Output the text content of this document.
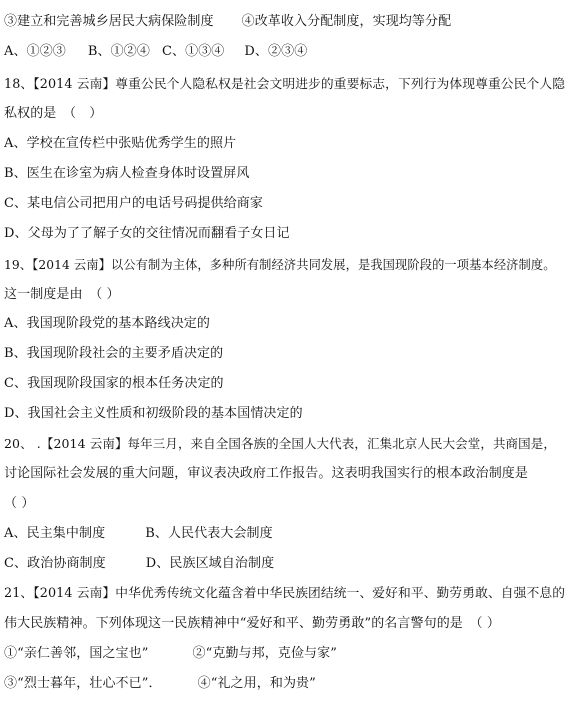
③建立和完善城乡居民大病保险制度 ④改革收入分配制度，实现均等分配
A、①②③ B、①②④ C、①③④ D、②③④
18、【2014 云南】尊重公民个人隐私权是社会文明进步的重要标志，下列行为体现尊重公民个人隐
私权的是　（　）
A、学校在宣传栏中张贴优秀学生的照片
B、医生在诊室为病人检查身体时设置屏风
C、某电信公司把用户的电话号码提供给商家
D、父母为了了解子女的交往情况而翻看子女日记
19、【2014 云南】以公有制为主体，多种所有制经济共同发展，是我国现阶段的一项基本经济制度。
这一制度是由　（ ）
A、我国现阶段党的基本路线决定的
B、我国现阶段社会的主要矛盾决定的
C、我国现阶段国家的根本任务决定的
D、我国社会主义性质和初级阶段的基本国情决定的
20、 .【2014 云南】每年三月，来自全国各族的全国人大代表，汇集北京人民大会堂，共商国是，
讨论国际社会发展的重大问题，审议表决政府工作报告。这表明我国实行的根本政治制度是
（ ）
A、民主集中制度	B、人民代表大会制度
C、政治协商制度	D、民族区域自治制度
21、【2014 云南】中华优秀传统文化蕴含着中华民族团结统一、爱好和平、勤劳勇敢、自强不息的
伟大民族精神。下列体现这一民族精神中“爱好和平、勤劳勇敢”的名言警句的是　（ ）
①“亲仁善邻，国之宝也”	②“克勤与邦，克俭与家”
③“烈士暮年，壮心不已”．	④“礼之用，和为贵”
